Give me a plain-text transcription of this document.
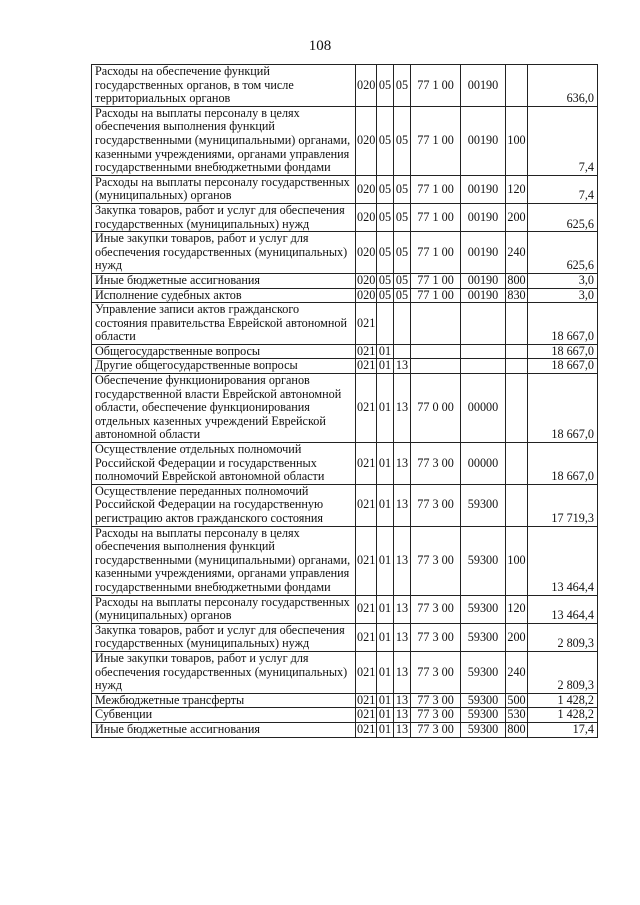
108
Расходы на обеспечение функций государственных органов, в том числе территориальных органов	020	05	05	77 1 00	00190		636,0
Расходы на выплаты персоналу в целях обеспечения выполнения функций государственными (муниципальными) органами, казенными учреждениями, органами управления государственными внебюджетными фондами	020	05	05	77 1 00	00190	100	7,4
Расходы на выплаты персоналу государственных (муниципальных) органов	020	05	05	77 1 00	00190	120	7,4
Закупка товаров, работ и услуг для обеспечения государственных (муниципальных) нужд	020	05	05	77 1 00	00190	200	625,6
Иные закупки товаров, работ и услуг для обеспечения государственных (муниципальных) нужд	020	05	05	77 1 00	00190	240	625,6
Иные бюджетные ассигнования	020	05	05	77 1 00	00190	800	3,0
Исполнение судебных актов	020	05	05	77 1 00	00190	830	3,0
Управление записи актов гражданского состояния правительства Еврейской автономной области	021						18 667,0
Общегосударственные вопросы	021	01					18 667,0
Другие общегосударственные вопросы	021	01	13				18 667,0
Обеспечение функционирования органов государственной власти Еврейской автономной области, обеспечение функционирования отдельных казенных учреждений Еврейской автономной области	021	01	13	77 0 00	00000		18 667,0
Осуществление отдельных полномочий Российской Федерации и государственных полномочий Еврейской автономной области	021	01	13	77 3 00	00000		18 667,0
Осуществление переданных полномочий Российской Федерации на государственную регистрацию актов гражданского состояния	021	01	13	77 3 00	59300		17 719,3
Расходы на выплаты персоналу в целях обеспечения выполнения функций государственными (муниципальными) органами, казенными учреждениями, органами управления государственными внебюджетными фондами	021	01	13	77 3 00	59300	100	13 464,4
Расходы на выплаты персоналу государственных (муниципальных) органов	021	01	13	77 3 00	59300	120	13 464,4
Закупка товаров, работ и услуг для обеспечения государственных (муниципальных) нужд	021	01	13	77 3 00	59300	200	2 809,3
Иные закупки товаров, работ и услуг для обеспечения государственных (муниципальных) нужд	021	01	13	77 3 00	59300	240	2 809,3
Межбюджетные трансферты	021	01	13	77 3 00	59300	500	1 428,2
Субвенции	021	01	13	77 3 00	59300	530	1 428,2
Иные бюджетные ассигнования	021	01	13	77 3 00	59300	800	17,4
